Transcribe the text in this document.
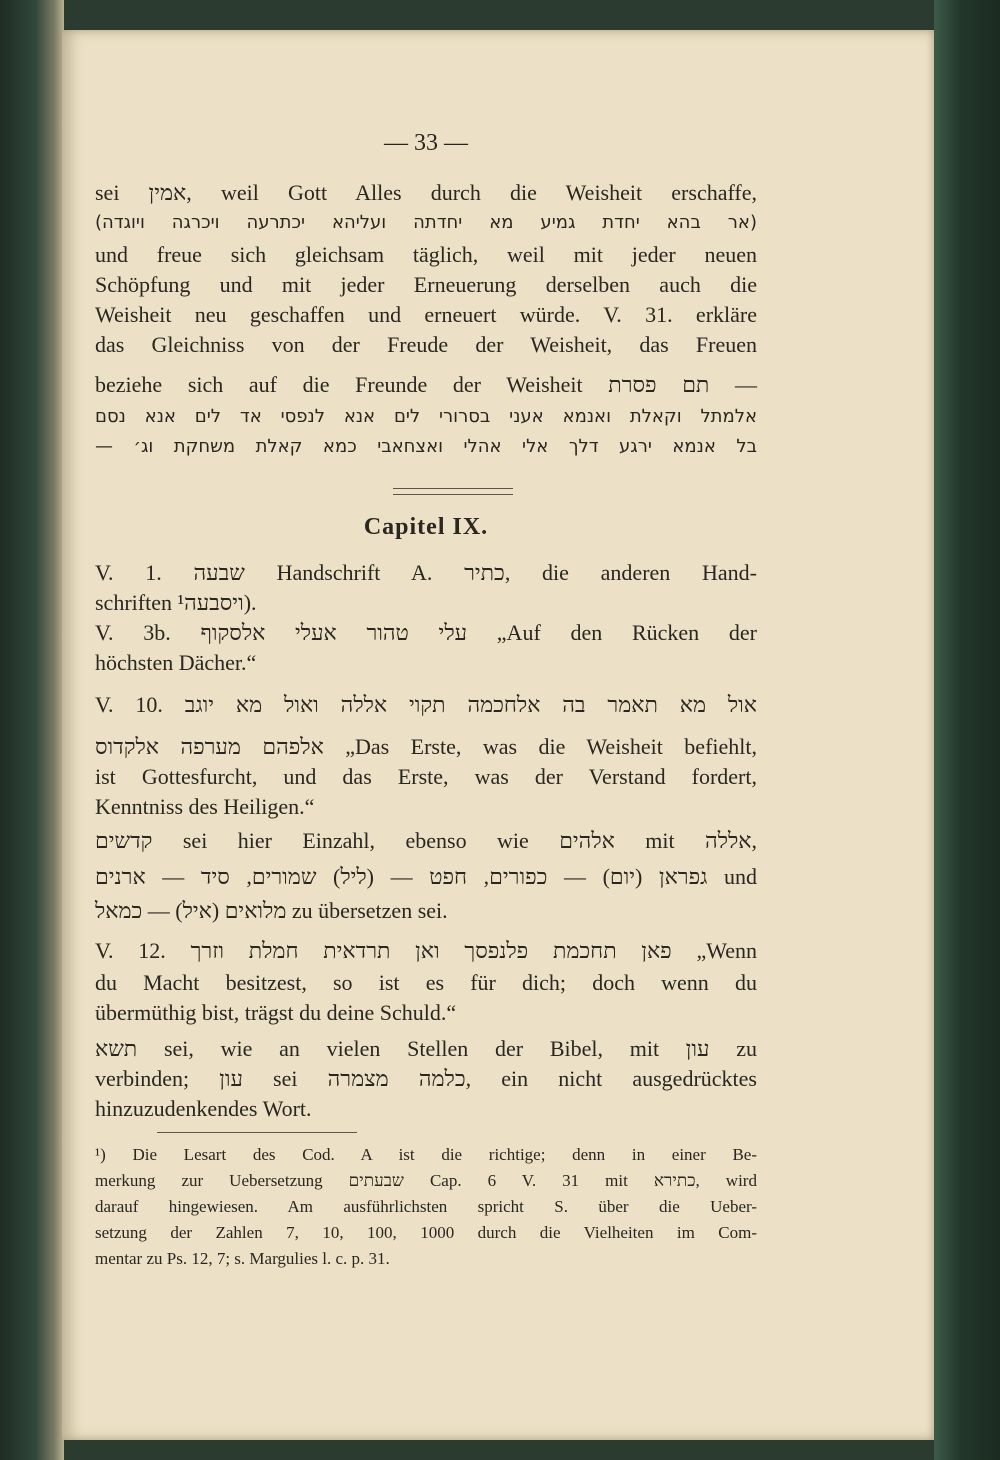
— 33 —
sei אמין, weil Gott Alles durch die Weisheit erschaffe,
(אר בהא יחדת גמיע מא יחדתה ועליהא יכתרעה ויכרגה ויוגדה)
und freue sich gleichsam täglich, weil mit jeder neuen
Schöpfung und mit jeder Erneuerung derselben auch die
Weisheit neu geschaffen und erneuert würde. V. 31. erkläre
das Gleichniss von der Freude der Weisheit, das Freuen
beziehe sich auf die Freunde der Weisheit תם פסרת —
אלמתל וקאלת ואנמא אעני בסרורי לים אנא לנפסי אד לים אנא נסם
בל אנמא ירגע דלך אלי אהלי ואצחאבי כמא קאלת משחקת וג׳ —
Capitel IX.
V. 1. שבעה Handschrift A. כתיר, die anderen Hand-
schriften ויסבעה¹).
V. 3b. עלי טהור אעלי אלסקוף „Auf den Rücken der
höchsten Dächer.“
V. 10. אול מא תאמר בה אלחכמה תקוי אללה ואול מא יוגב
אלפהם מערפה אלקדוס „Das Erste, was die Weisheit befiehlt,
ist Gottesfurcht, und das Erste, was der Verstand fordert,
Kenntniss des Heiligen.“
קדשים sei hier Einzahl, ebenso wie אלהים mit אללה,
גפראן (יום) — כפורים, חפט — (ליל) שמורים, סיד — ארנים und
מלואים (איל) — כמאל zu übersetzen sei.
V. 12. פאן תחכמת פלנפסך ואן תרדאית חמלת וזרך „Wenn
du Macht besitzest, so ist es für dich; doch wenn du
übermüthig bist, trägst du deine Schuld.“
תשא sei, wie an vielen Stellen der Bibel, mit עון zu
verbinden; עון sei כלמה מצמרה, ein nicht ausgedrücktes
hinzuzudenkendes Wort.
¹) Die Lesart des Cod. A ist die richtige; denn in einer Be-
merkung zur Uebersetzung שבעתים Cap. 6 V. 31 mit כתירא, wird
darauf hingewiesen. Am ausführlichsten spricht S. über die Ueber-
setzung der Zahlen 7, 10, 100, 1000 durch die Vielheiten im Com-
mentar zu Ps. 12, 7; s. Margulies l. c. p. 31.
